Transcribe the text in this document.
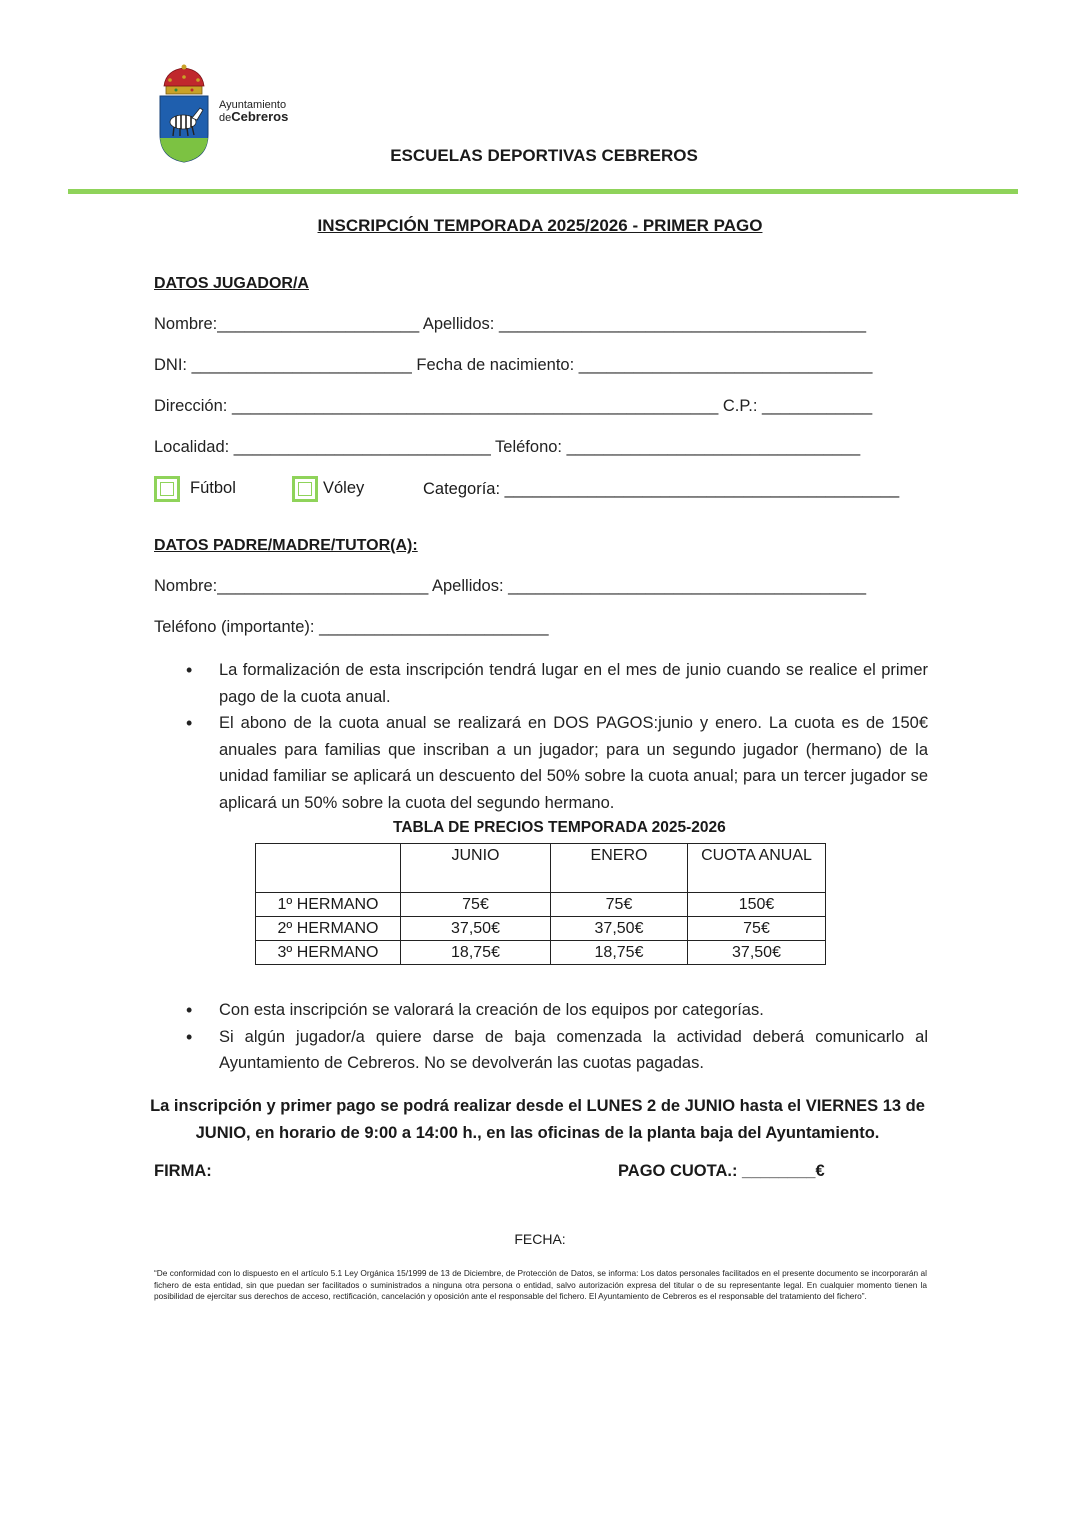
Ayuntamiento
deCebreros
ESCUELAS DEPORTIVAS CEBREROS
INSCRIPCIÓN TEMPORADA 2025/2026 - PRIMER PAGO
DATOS JUGADOR/A
Nombre:______________________ Apellidos: ________________________________________
DNI: ________________________ Fecha de nacimiento: ________________________________
Dirección: _____________________________________________________ C.P.: ____________
Localidad: ____________________________ Teléfono: ________________________________
Fútbol	Vóley	Categoría: ___________________________________________
DATOS PADRE/MADRE/TUTOR(A):
Nombre:_______________________ Apellidos: _______________________________________
Teléfono (importante): _________________________
• La formalización de esta inscripción tendrá lugar en el mes de junio cuando se realice el primer pago de la cuota anual.
• El abono de la cuota anual se realizará en DOS PAGOS:junio y enero. La cuota es de 150€ anuales para familias que inscriban a un jugador; para un segundo jugador (hermano) de la unidad familiar se aplicará un descuento del 50% sobre la cuota anual; para un tercer jugador se aplicará un 50% sobre la cuota del segundo hermano.
TABLA DE PRECIOS TEMPORADA 2025-2026
	JUNIO	ENERO	CUOTA ANUAL
1º HERMANO	75€	75€	150€
2º HERMANO	37,50€	37,50€	75€
3º HERMANO	18,75€	18,75€	37,50€
• Con esta inscripción se valorará la creación de los equipos por categorías.
• Si algún jugador/a quiere darse de baja comenzada la actividad deberá comunicarlo al Ayuntamiento de Cebreros. No se devolverán las cuotas pagadas.
La inscripción y primer pago se podrá realizar desde el LUNES 2 de JUNIO hasta el VIERNES 13 de JUNIO, en horario de 9:00 a 14:00 h., en las oficinas de la planta baja del Ayuntamiento.
FIRMA:	PAGO CUOTA.: ________€
FECHA:
“De conformidad con lo dispuesto en el artículo 5.1 Ley Orgánica 15/1999 de 13 de Diciembre, de Protección de Datos, se informa: Los datos personales facilitados en el presente documento se incorporarán al fichero de esta entidad, sin que puedan ser facilitados o suministrados a ninguna otra persona o entidad, salvo autorización expresa del titular o de su representante legal. En cualquier momento tienen la posibilidad de ejercitar sus derechos de acceso, rectificación, cancelación y oposición ante el responsable del fichero. El Ayuntamiento de Cebreros es el responsable del tratamiento del fichero”.
